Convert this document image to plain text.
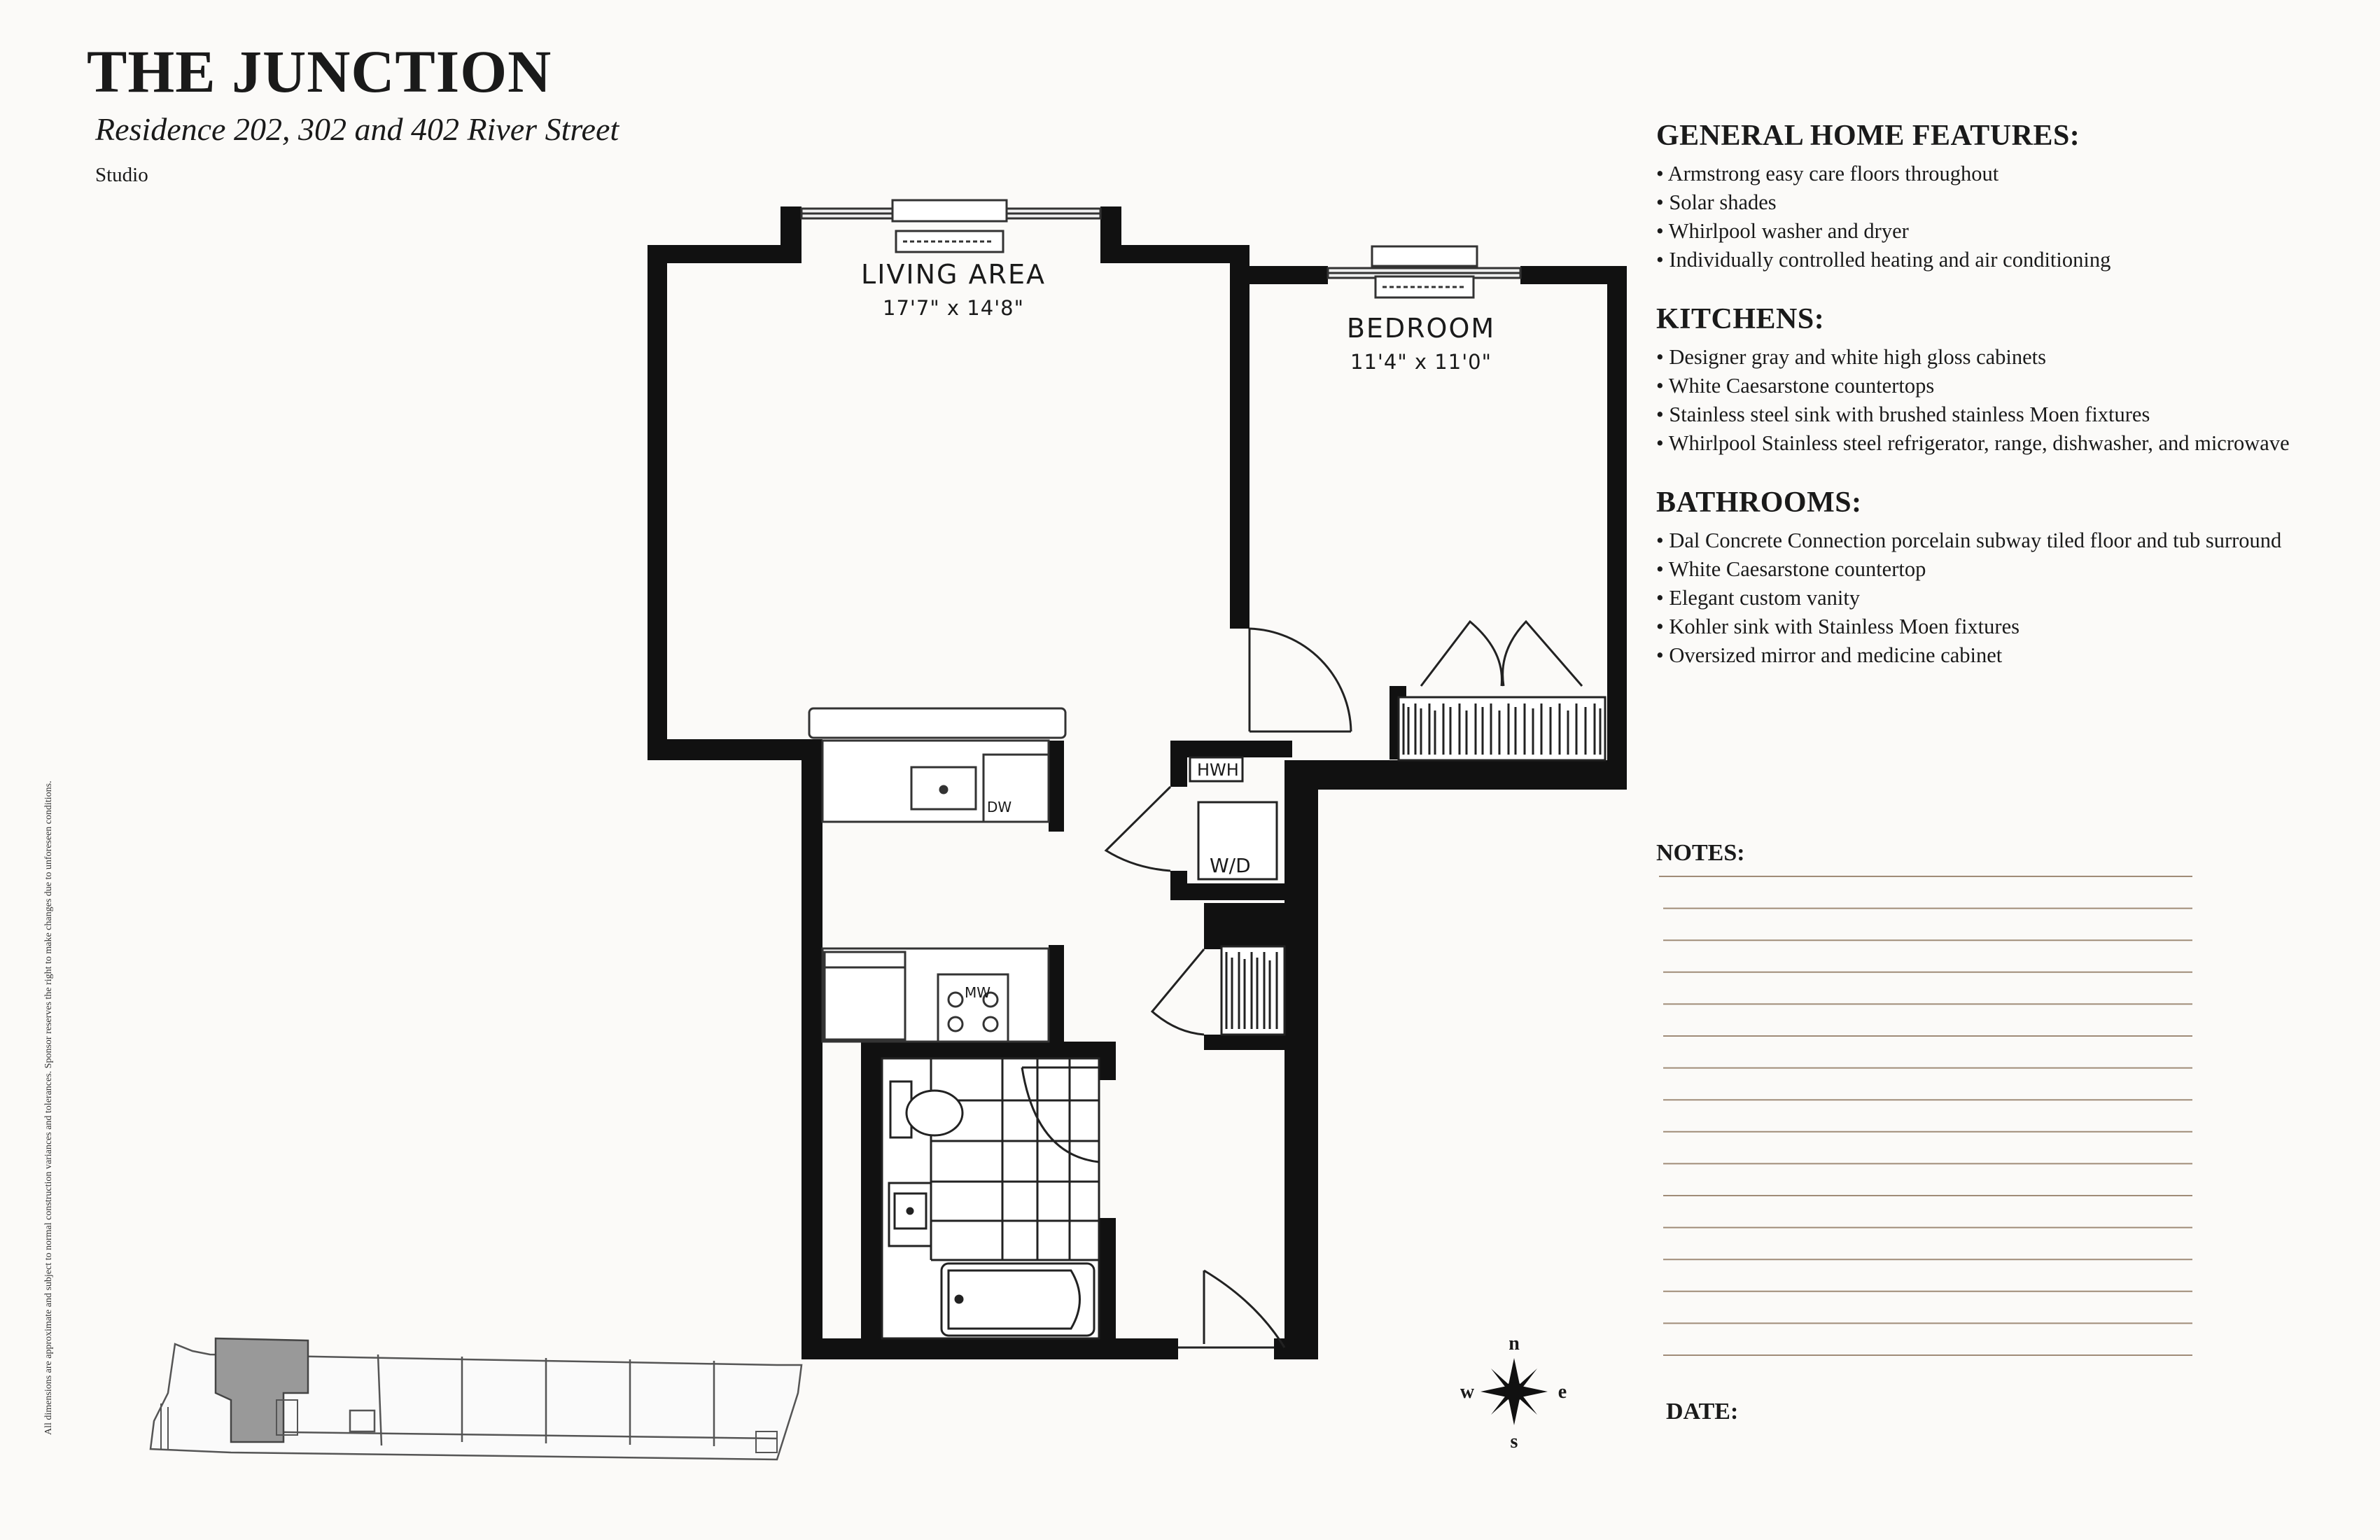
THE JUNCTION
Residence 202, 302 and 402 River Street
Studio
All dimensions are approximate and subject to normal construction variances and tolerances. Sponsor reserves the right to make changes due to unforeseen conditions.
LIVING AREA
17'7" x 14'8"
BEDROOM
11'4" x 11'0"
DW
MW
HWH
W/D
n
s
e
w
GENERAL HOME FEATURES:
• Armstrong easy care floors throughout
• Solar shades
• Whirlpool washer and dryer
• Individually controlled heating and air conditioning
KITCHENS:
• Designer gray and white high gloss cabinets
• White Caesarstone countertops
• Stainless steel sink with brushed stainless Moen fixtures
• Whirlpool Stainless steel refrigerator, range, dishwasher, and microwave
BATHROOMS:
• Dal Concrete Connection porcelain subway tiled floor and tub surround
• White Caesarstone countertop
• Elegant custom vanity
• Kohler sink with Stainless Moen fixtures
• Oversized mirror and medicine cabinet
NOTES:
DATE:
